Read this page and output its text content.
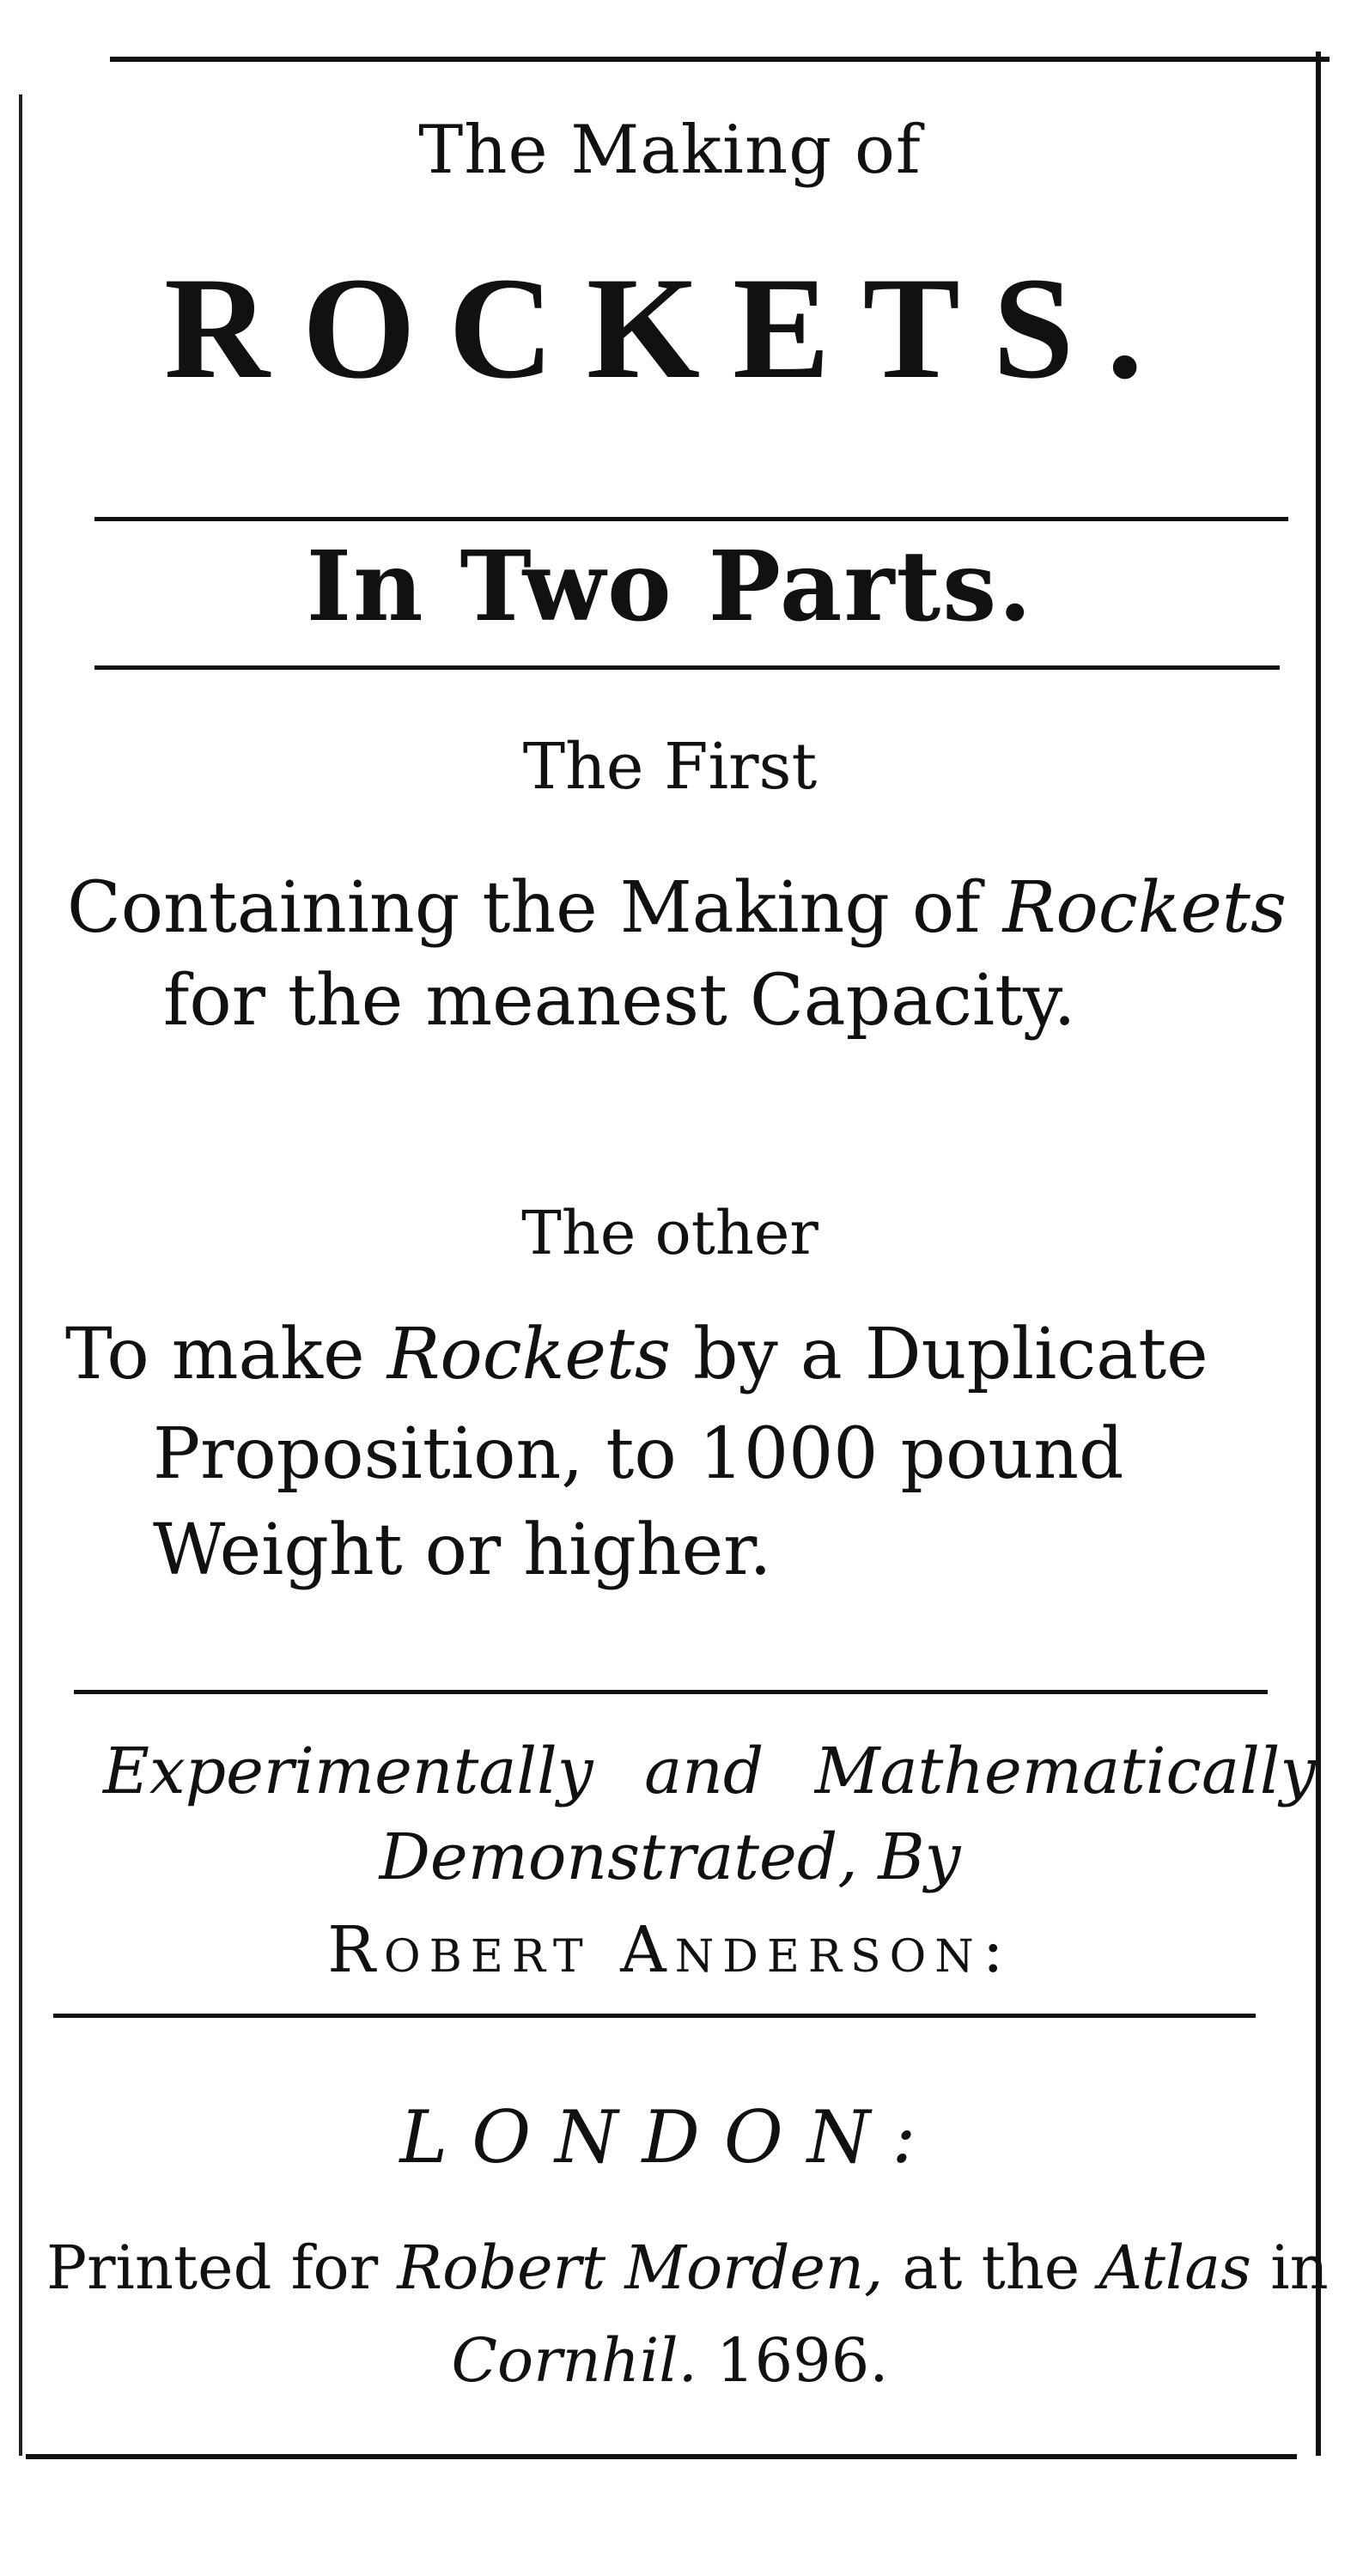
The Making of

ROCKETS.

In Two Parts.

The First

Containing the Making of Rockets

for the meanest Capacity.

The other

To make Rockets by a Duplicate

Proposition, to 1000 pound

Weight or higher.

Experimentally and Mathematically

Demonstrated, By

Robert Anderson:

LONDON:

Printed for Robert Morden, at the Atlas in

Cornhil. 1696.
